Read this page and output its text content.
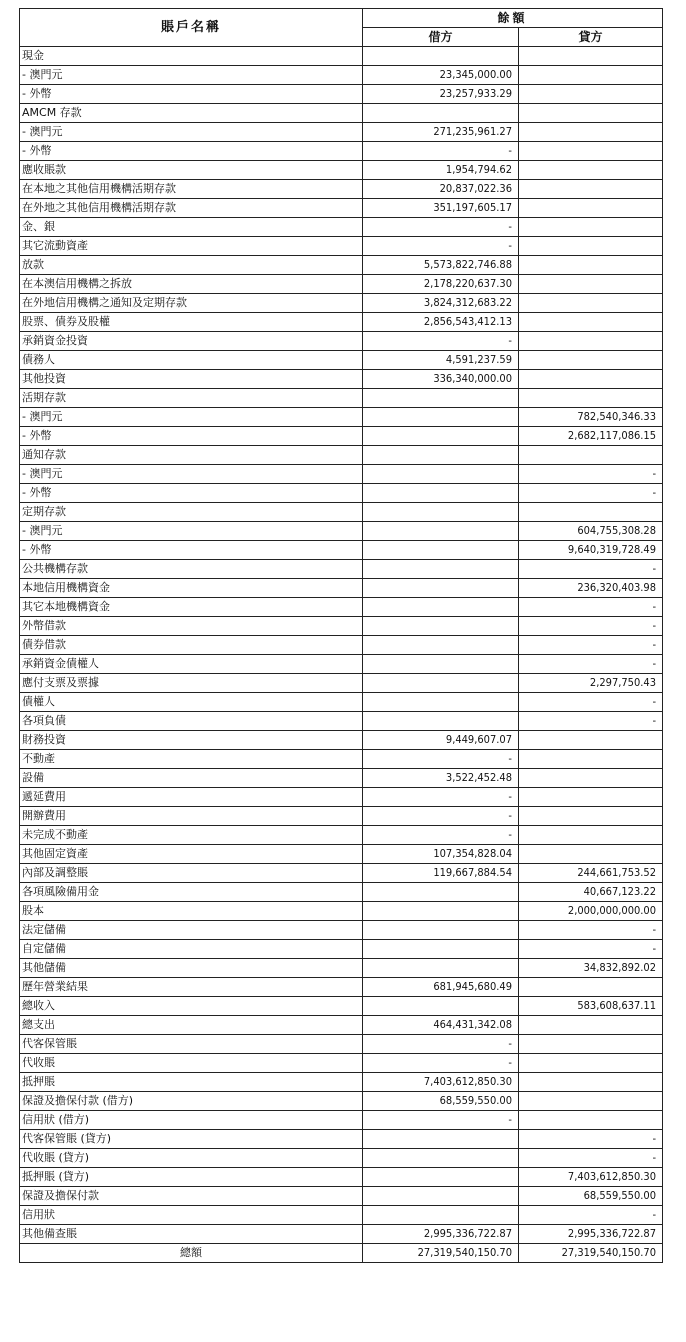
賬戶名稱	餘額	
	借方	貸方
現金		
- 澳門元	23,345,000.00	
- 外幣	23,257,933.29	
AMCM 存款		
- 澳門元	271,235,961.27	
- 外幣	-	
應收賬款	1,954,794.62	
在本地之其他信用機構活期存款	20,837,022.36	
在外地之其他信用機構活期存款	351,197,605.17	
金、銀	-	
其它流動資產	-	
放款	5,573,822,746.88	
在本澳信用機構之拆放	2,178,220,637.30	
在外地信用機構之通知及定期存款	3,824,312,683.22	
股票、債券及股權	2,856,543,412.13	
承銷資金投資	-	
債務人	4,591,237.59	
其他投資	336,340,000.00	
活期存款		
- 澳門元		782,540,346.33
- 外幣		2,682,117,086.15
通知存款		
- 澳門元		-
- 外幣		-
定期存款		
- 澳門元		604,755,308.28
- 外幣		9,640,319,728.49
公共機構存款		-
本地信用機構資金		236,320,403.98
其它本地機構資金		-
外幣借款		-
債券借款		-
承銷資金債權人		-
應付支票及票據		2,297,750.43
債權人		-
各項負債		-
財務投資	9,449,607.07	
不動產	-	
設備	3,522,452.48	
遞延費用	-	
開辦費用	-	
未完成不動產	-	
其他固定資產	107,354,828.04	
內部及調整賬	119,667,884.54	244,661,753.52
各項風險備用金		40,667,123.22
股本		2,000,000,000.00
法定儲備		-
自定儲備		-
其他儲備		34,832,892.02
歷年營業結果	681,945,680.49	
總收入		583,608,637.11
總支出	464,431,342.08	
代客保管賬	-	
代收賬	-	
抵押賬	7,403,612,850.30	
保證及擔保付款 (借方)	68,559,550.00	
信用狀 (借方)	-	
代客保管賬 (貸方)		-
代收賬 (貸方)		-
抵押賬 (貸方)		7,403,612,850.30
保證及擔保付款		68,559,550.00
信用狀		-
其他備查賬	2,995,336,722.87	2,995,336,722.87
總額	27,319,540,150.70	27,319,540,150.70
